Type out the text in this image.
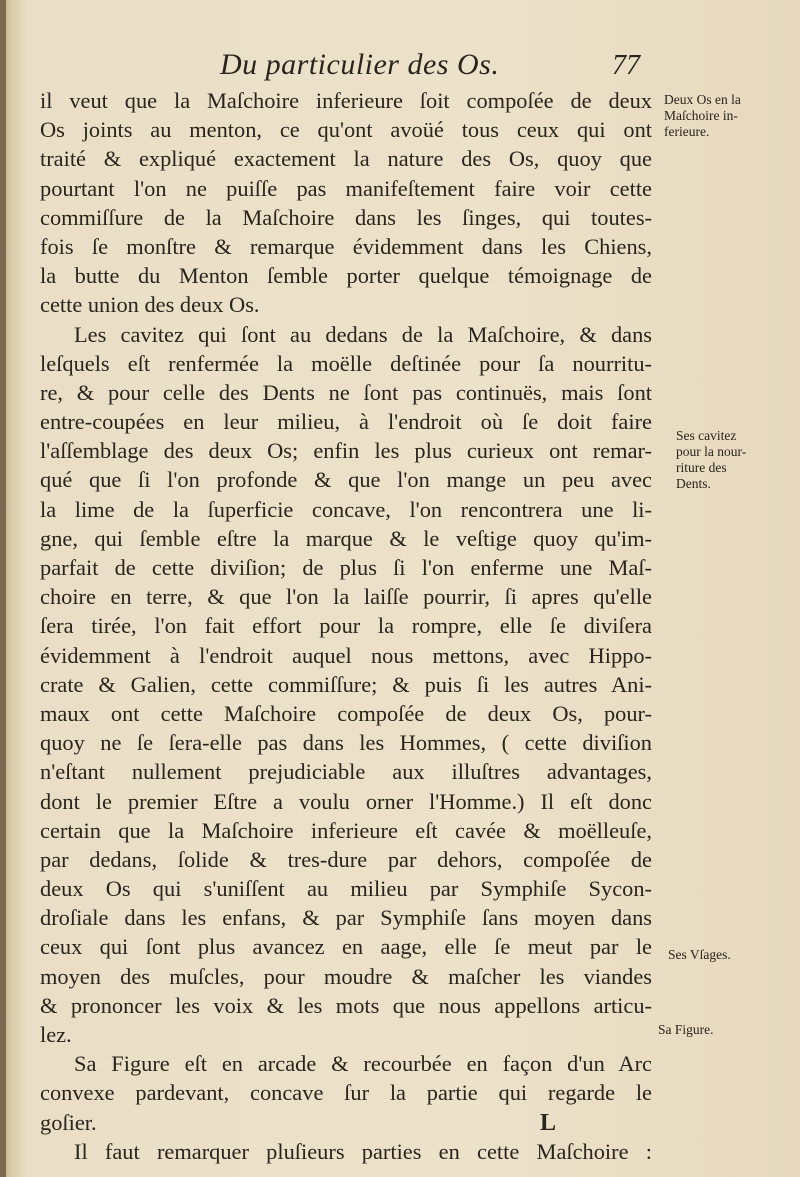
Du particulier des Os.	77
il veut que la Maſchoire inferieure ſoit compoſée de deux
Os joints au menton, ce qu'ont avoüé tous ceux qui ont
traité & expliqué exactement la nature des Os, quoy que
pourtant l'on ne puiſſe pas manifeſtement faire voir cette
commiſſure de la Maſchoire dans les ſinges, qui toutes-
fois ſe monſtre & remarque évidemment dans les Chiens,
la butte du Menton ſemble porter quelque témoignage de
cette union des deux Os.
Les cavitez qui ſont au dedans de la Maſchoire, & dans
leſquels eſt renfermée la moëlle deſtinée pour ſa nourritu-
re, & pour celle des Dents ne ſont pas continuës, mais ſont
entre-coupées en leur milieu, à l'endroit où ſe doit faire
l'aſſemblage des deux Os; enfin les plus curieux ont remar-
qué que ſi l'on profonde & que l'on mange un peu avec
la lime de la ſuperficie concave, l'on rencontrera une li-
gne, qui ſemble eſtre la marque & le veſtige quoy qu'im-
parfait de cette diviſion; de plus ſi l'on enferme une Maſ-
choire en terre, & que l'on la laiſſe pourrir, ſi apres qu'elle
ſera tirée, l'on fait effort pour la rompre, elle ſe diviſera
évidemment à l'endroit auquel nous mettons, avec Hippo-
crate & Galien, cette commiſſure; & puis ſi les autres Ani-
maux ont cette Maſchoire compoſée de deux Os, pour-
quoy ne ſe ſera-elle pas dans les Hommes, ( cette diviſion
n'eſtant nullement prejudiciable aux illuſtres advantages,
dont le premier Eſtre a voulu orner l'Homme.) Il eſt donc
certain que la Maſchoire inferieure eſt cavée & moëlleuſe,
par dedans, ſolide & tres-dure par dehors, compoſée de
deux Os qui s'uniſſent au milieu par Symphiſe Sycon-
droſiale dans les enfans, & par Symphiſe ſans moyen dans
ceux qui ſont plus avancez en aage, elle ſe meut par le
moyen des muſcles, pour moudre & maſcher les viandes
& prononcer les voix & les mots que nous appellons articu-
lez.
Sa Figure eſt en arcade & recourbée en façon d'un Arc
convexe pardevant, concave ſur la partie qui regarde le
goſier.
Il faut remarquer pluſieurs parties en cette Maſchoire :
Deux Os en la
Maſchoire in-
ferieure.
Ses cavitez
pour la nour-
riture des
Dents.
Ses Vſages.
Sa Figure.
L
